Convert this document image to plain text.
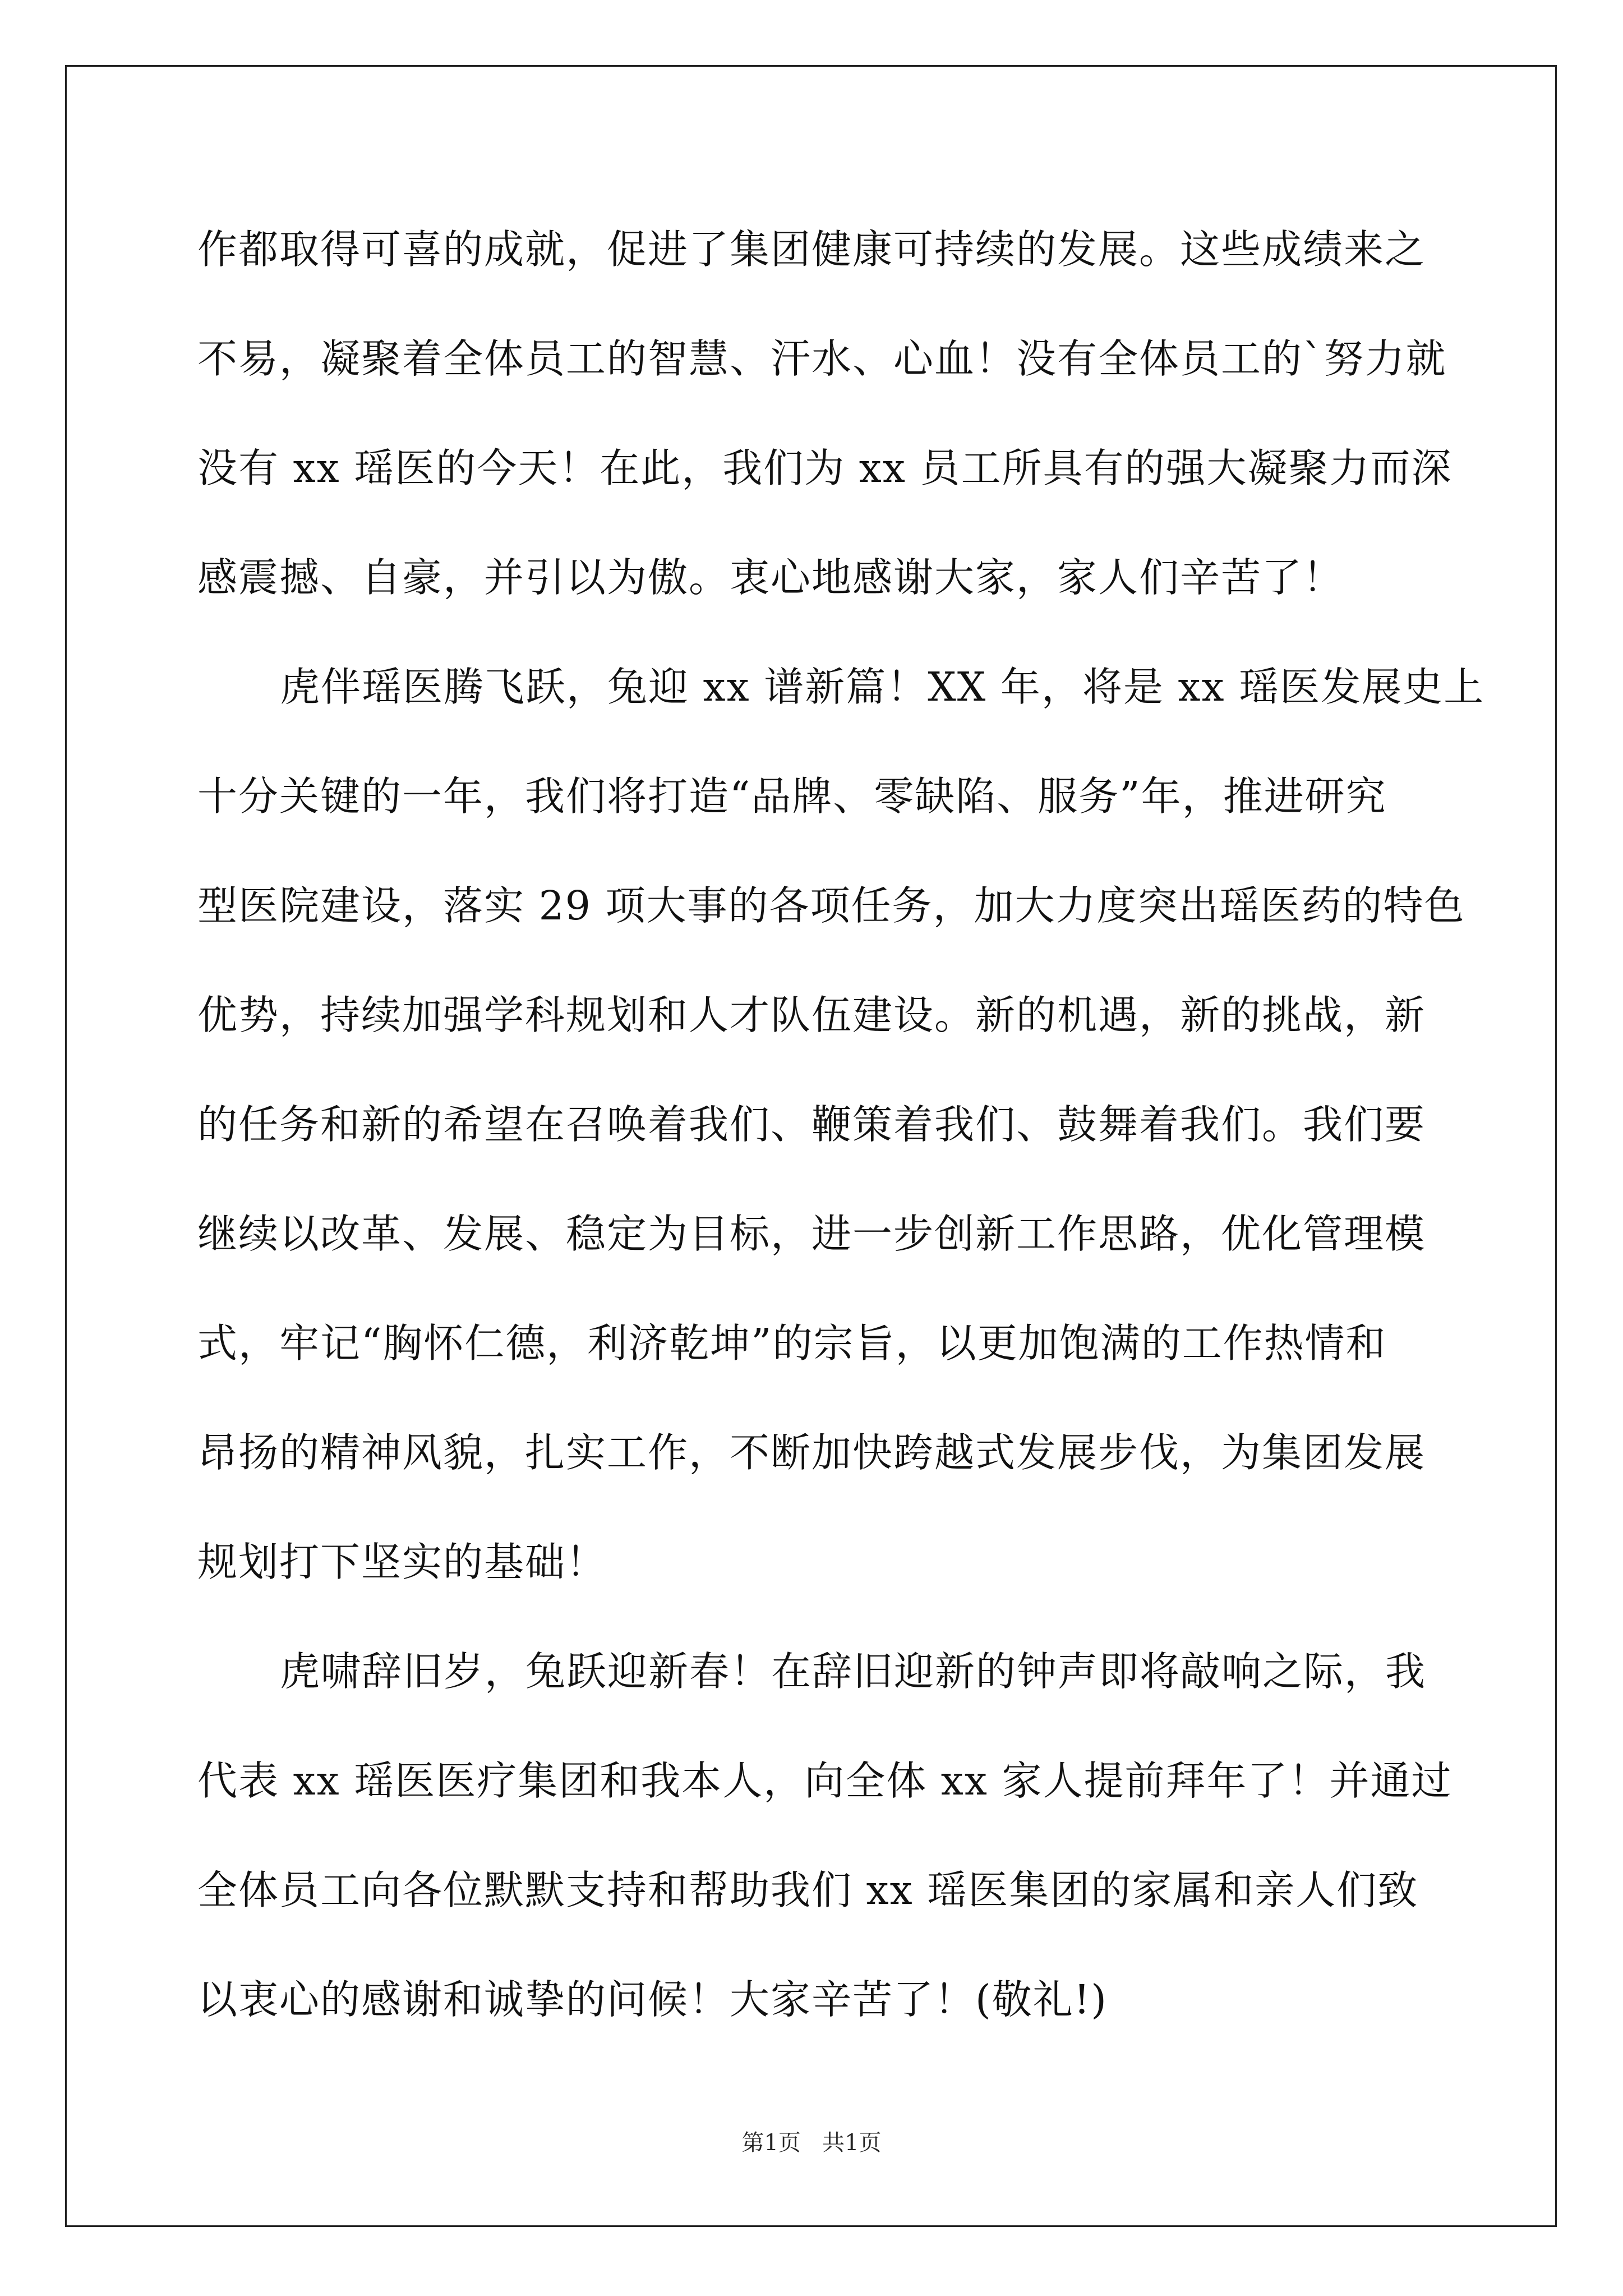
作都取得可喜的成就，促进了集团健康可持续的发展。这些成绩来之
不易，凝聚着全体员工的智慧、汗水、心血！没有全体员工的`努力就
没有 xx 瑶医的今天！在此，我们为 xx 员工所具有的强大凝聚力而深
感震撼、自豪，并引以为傲。衷心地感谢大家，家人们辛苦了！
虎伴瑶医腾飞跃，兔迎 xx 谱新篇！XX 年，将是 xx 瑶医发展史上
十分关键的一年，我们将打造“品牌、零缺陷、服务”年，推进研究
型医院建设，落实 29 项大事的各项任务，加大力度突出瑶医药的特色
优势，持续加强学科规划和人才队伍建设。新的机遇，新的挑战，新
的任务和新的希望在召唤着我们、鞭策着我们、鼓舞着我们。我们要
继续以改革、发展、稳定为目标，进一步创新工作思路，优化管理模
式，牢记“胸怀仁德，利济乾坤”的宗旨，以更加饱满的工作热情和
昂扬的精神风貌，扎实工作，不断加快跨越式发展步伐，为集团发展
规划打下坚实的基础！
虎啸辞旧岁，兔跃迎新春！在辞旧迎新的钟声即将敲响之际，我
代表 xx 瑶医医疗集团和我本人，向全体 xx 家人提前拜年了！并通过
全体员工向各位默默支持和帮助我们 xx 瑶医集团的家属和亲人们致
以衷心的感谢和诚挚的问候！大家辛苦了！(敬礼!)
第1页   共1页
